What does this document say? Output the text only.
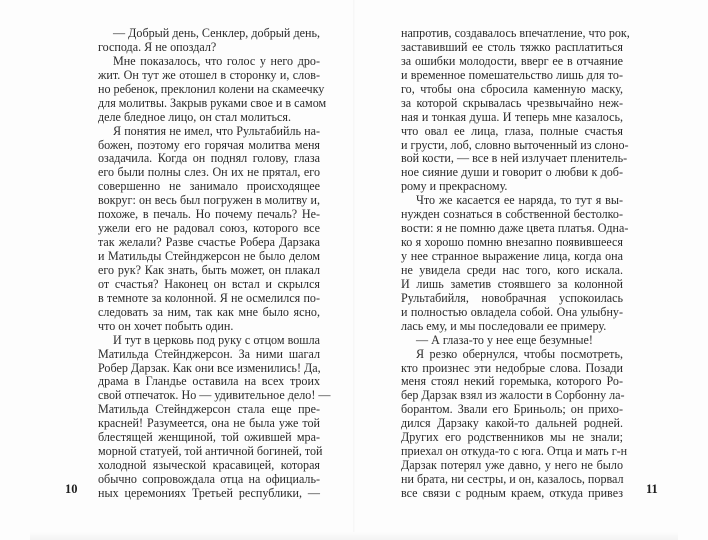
— Добрый день, Сенклер, добрый день,
господа. Я не опоздал?
Мне показалось, что голос у него дро-
жит. Он тут же отошел в сторонку и, слов-
но ребенок, преклонил колени на скамеечку
для молитвы. Закрыв руками свое и в самом
деле бледное лицо, он стал молиться.
Я понятия не имел, что Рультабийль на-
божен, поэтому его горячая молитва меня
озадачила. Когда он поднял голову, глаза
его были полны слез. Он их не прятал, его
совершенно не занимало происходящее
вокруг: он весь был погружен в молитву и,
похоже, в печаль. Но почему печаль? Не-
ужели его не радовал союз, которого все
так желали? Разве счастье Робера Дарзака
и Матильды Стейнджерсон не было делом
его рук? Как знать, быть может, он плакал
от счастья? Наконец он встал и скрылся
в темноте за колонной. Я не осмелился по-
следовать за ним, так как мне было ясно,
что он хочет побыть один.
И тут в церковь под руку с отцом вошла
Матильда Стейнджерсон. За ними шагал
Робер Дарзак. Как они все изменились! Да,
драма в Гландье оставила на всех троих
свой отпечаток. Но — удивительное дело! —
Матильда Стейнджерсон стала еще пре-
красней! Разумеется, она не была уже той
блестящей женщиной, той ожившей мра-
морной статуей, той античной богиней, той
холодной языческой красавицей, которая
обычно сопровождала отца на официаль-
ных церемониях Третьей республики, —
10
напротив, создавалось впечатление, что рок,
заставивший ее столь тяжко расплатиться
за ошибки молодости, вверг ее в отчаяние
и временное помешательство лишь для то-
го, чтобы она сбросила каменную маску,
за которой скрывалась чрезвычайно неж-
ная и тонкая душа. И теперь мне казалось,
что овал ее лица, глаза, полные счастья
и грусти, лоб, словно выточенный из слоно-
вой кости, — все в ней излучает пленитель-
ное сияние души и говорит о любви к доб-
рому и прекрасному.
Что же касается ее наряда, то тут я вы-
нужден сознаться в собственной бестолко-
вости: я не помню даже цвета платья. Одна-
ко я хорошо помню внезапно появившееся
у нее странное выражение лица, когда она
не увидела среди нас того, кого искала.
И лишь заметив стоявшего за колонной
Рультабийля, новобрачная успокоилась
и полностью овладела собой. Она улыбну-
лась ему, и мы последовали ее примеру.
— А глаза-то у нее еще безумные!
Я резко обернулся, чтобы посмотреть,
кто произнес эти недобрые слова. Позади
меня стоял некий горемыка, которого Ро-
бер Дарзак взял из жалости в Сорбонну ла-
борантом. Звали его Бриньоль; он прихо-
дился Дарзаку какой-то дальней родней.
Других его родственников мы не знали;
приехал он откуда-то с юга. Отца и мать г-н
Дарзак потерял уже давно, у него не было
ни брата, ни сестры, и он, казалось, порвал
все связи с родным краем, откуда привез 11
